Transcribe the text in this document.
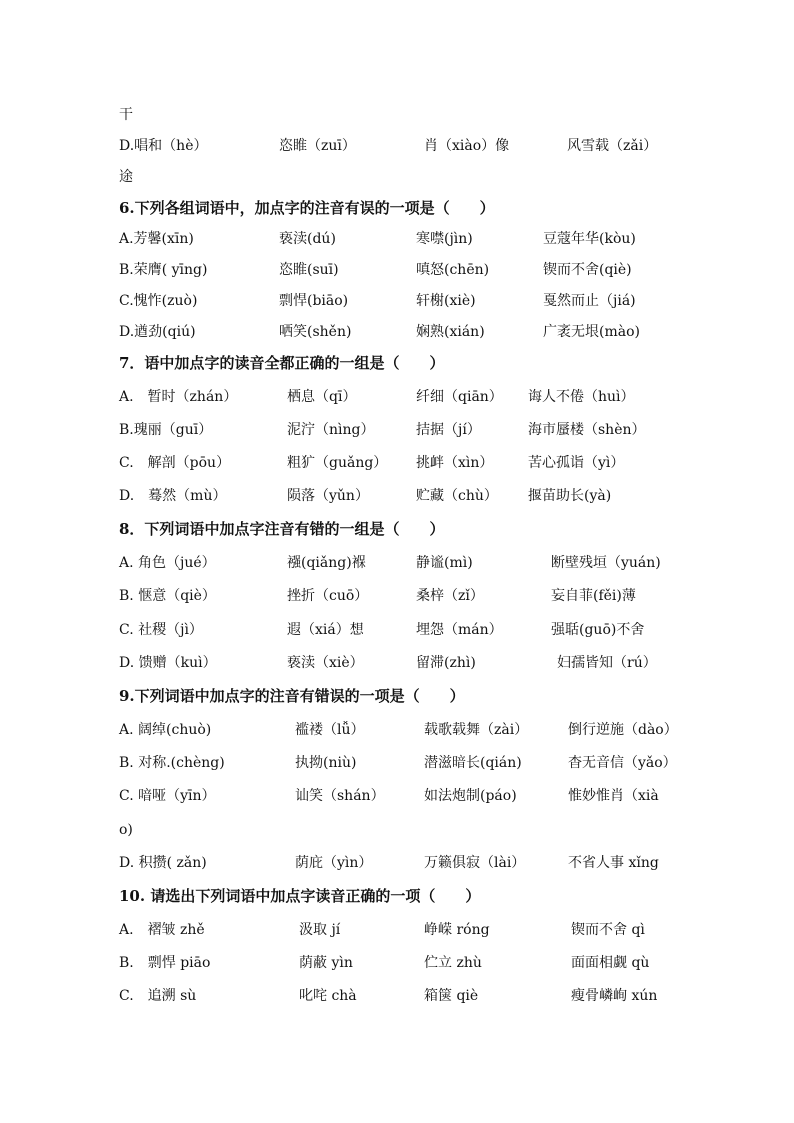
干
D.唱和（hè）	恣睢（zuī）	肖（xiào）像	风雪载（zǎi）
途
6.下列各组词语中，加点字的注音有误的一项是（　　）
A.芳馨(xīn)	亵渎(dú)	寒噤(jìn)	豆蔻年华(kòu)
B.荣膺( yīng)	恣睢(suī)	嗔怒(chēn)	锲而不舍(qiè)
C.愧怍(zuò)	剽悍(biāo)	轩榭(xiè)	戛然而止（jiá)
D.遒劲(qiú)	哂笑(shěn)	娴熟(xián)	广袤无垠(mào)
7．语中加点字的读音全都正确的一组是（　　）
A.　暂时（zhán）	栖息（qī）	纤细（qiān） 诲人不倦（huì）
B.瑰丽（guī）	泥泞（nìng）	拮据（jí）	海市蜃楼（shèn）
C.　解剖（pōu）	粗犷（guǎng） 挑衅（xìn） 苦心孤诣（yì）
D.　蓦然（mù）	陨落（yǔn）	贮藏（chù） 揠苗助长(yà)
8．下列词语中加点字注音有错的一组是（　　）
A. 角色（jué）	襁(qiǎng)褓	静谧(mì)	断壁残垣（yuán)
B. 惬意（qiè）	挫折（cuō）	桑梓（zǐ）	妄自菲(fěi)薄
C. 社稷（jì）	遐（xiá）想	埋怨（mán）	强聒(guō)不舍
D. 馈赠（kuì）	亵渎（xiè）	留滞(zhì)	妇孺皆知（rú）
9.下列词语中加点字的注音有错误的一项是（　　）
A. 阔绰(chuò)	褴褛（lǚ）	载歌载舞（zài）	倒行逆施（dào）
B. 对称.(chèng)	执拗(niù)	潜滋暗长(qián)	杳无音信（yǎo）
C. 喑哑（yīn）	讪笑（shán）	如法炮制(páo)	惟妙惟肖（xià
o)
D. 积攒( zǎn)	荫庇（yìn）	万籁俱寂（lài）	不省人事 xǐng
10. 请选出下列词语中加点字读音正确的一项（　　）
A.　褶皱 zhě	汲取 jí	峥嵘 róng	锲而不舍 qì
B.　剽悍 piāo	荫蔽 yìn	伫立 zhù	面面相觑 qù
C.　追溯 sù	叱咤 chà	箱箧 qiè	瘦骨嶙峋 xún
